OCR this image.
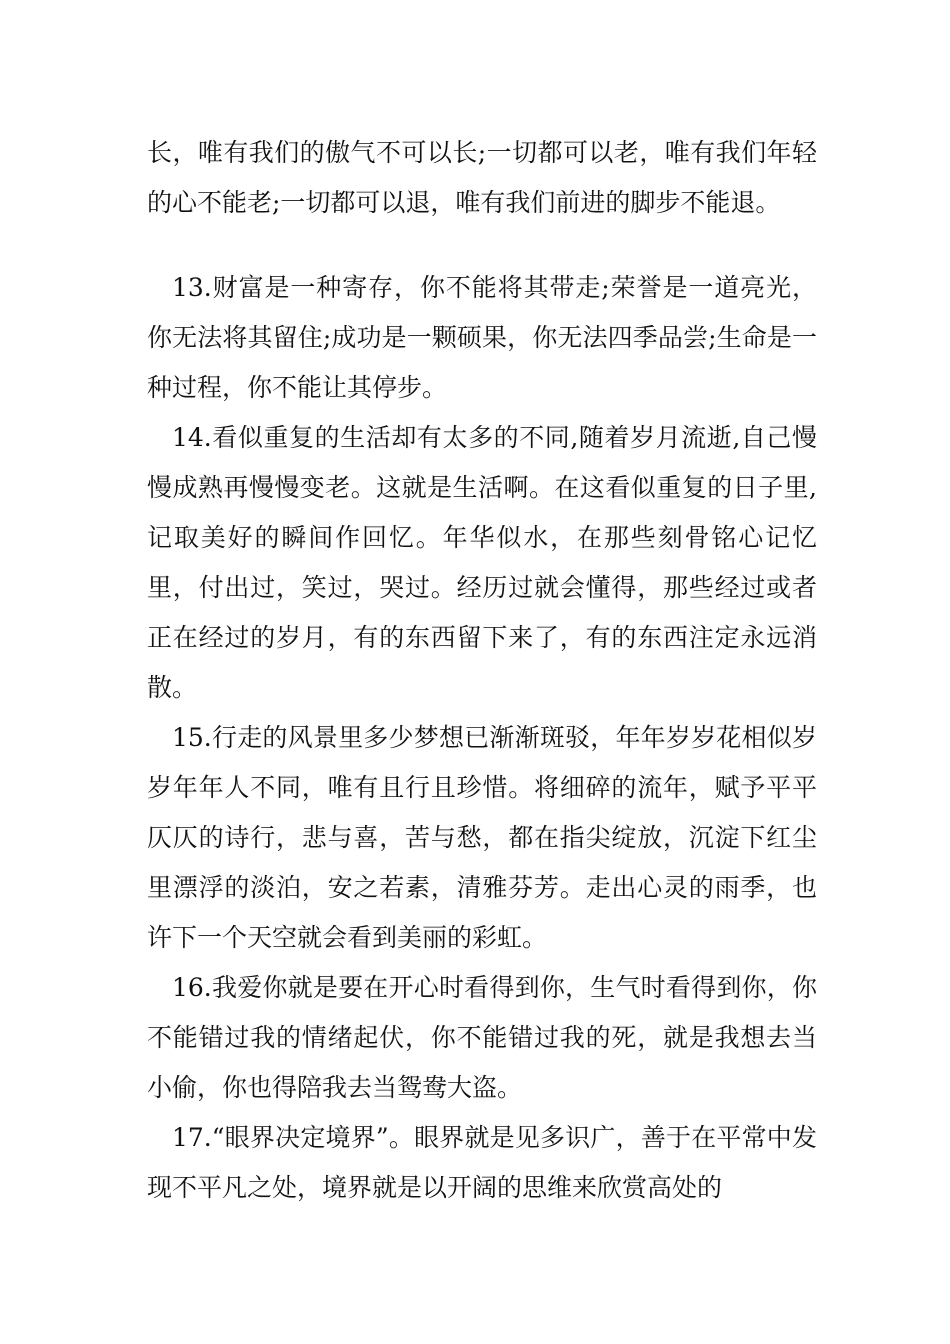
长，唯有我们的傲气不可以长;一切都可以老，唯有我们年轻的心不能老;一切都可以退，唯有我们前进的脚步不能退。

13.财富是一种寄存，你不能将其带走;荣誉是一道亮光，你无法将其留住;成功是一颗硕果，你无法四季品尝;生命是一种过程，你不能让其停步。

14.看似重复的生活却有太多的不同,随着岁月流逝,自己慢慢成熟再慢慢变老。这就是生活啊。在这看似重复的日子里,记取美好的瞬间作回忆。年华似水，在那些刻骨铭心记忆里，付出过，笑过，哭过。经历过就会懂得，那些经过或者正在经过的岁月，有的东西留下来了，有的东西注定永远消散。

15.行走的风景里多少梦想已渐渐斑驳，年年岁岁花相似岁岁年年人不同，唯有且行且珍惜。将细碎的流年，赋予平平仄仄的诗行，悲与喜，苦与愁，都在指尖绽放，沉淀下红尘里漂浮的淡泊，安之若素，清雅芬芳。走出心灵的雨季，也许下一个天空就会看到美丽的彩虹。

16.我爱你就是要在开心时看得到你，生气时看得到你，你不能错过我的情绪起伏，你不能错过我的死，就是我想去当小偷，你也得陪我去当鸳鸯大盗。

17.“眼界决定境界”。眼界就是见多识广，善于在平常中发现不平凡之处，境界就是以开阔的思维来欣赏高处的
